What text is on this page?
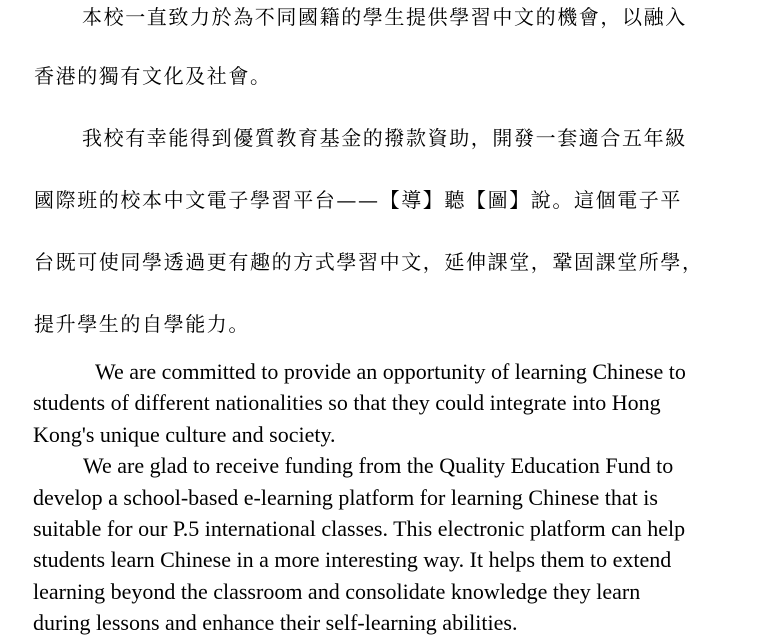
本校一直致力於為不同國籍的學生提供學習中文的機會，以融入
香港的獨有文化及社會。
我校有幸能得到優質教育基金的撥款資助，開發一套適合五年級
國際班的校本中文電子學習平台——【導】聽【圖】說。這個電子平
台既可使同學透過更有趣的方式學習中文，延伸課堂，鞏固課堂所學，
提升學生的自學能力。
We are committed to provide an opportunity of learning Chinese to
students of different nationalities so that they could integrate into Hong
Kong's unique culture and society.
We are glad to receive funding from the Quality Education Fund to
develop a school-based e-learning platform for learning Chinese that is
suitable for our P.5 international classes. This electronic platform can help
students learn Chinese in a more interesting way. It helps them to extend
learning beyond the classroom and consolidate knowledge they learn
during lessons and enhance their self-learning abilities.
